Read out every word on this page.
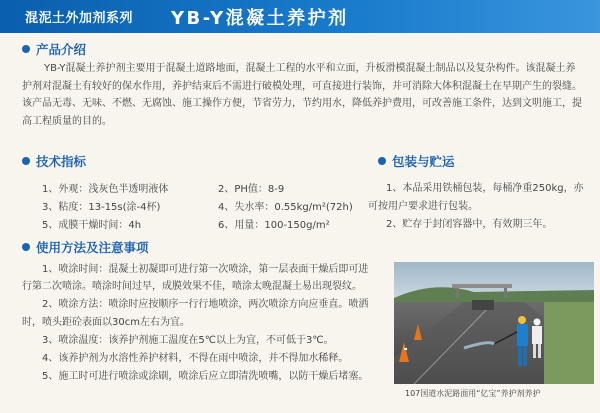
混泥土外加剂系列 YB-Y混凝土养护剂
产品介绍
YB-Y混凝土养护剂主要用于混凝土道路地面，混凝土工程的水平和立面，升板滑模混凝土制品以及复杂构件。该混凝土养护剂对混凝土有较好的保水作用，养护结束后不需进行破模处理，可直接进行装饰，并可消除大体积混凝土在早期产生的裂缝。该产品无毒、无味、不燃、无腐蚀、施工操作方便，节省劳力，节约用水，降低养护费用，可改善施工条件，达到文明施工，提高工程质量的目的。
技术指标
1、外观：浅灰色半透明液体	2、PH值：8-9
3、粘度：13-15s(涂-4杯)	4、失水率：0.55kg/m²(72h)
5、成膜干燥时间：4h	6、用量：100-150g/m²
包装与贮运
1、本品采用铁桶包装，每桶净重250kg，亦可按用户要求进行包装。
2、贮存于封闭容器中，有效期三年。
使用方法及注意事项
1、喷涂时间：混凝土初凝即可进行第一次喷涂，第一层表面干燥后即可进
行第二次喷涂。喷涂时间过早，成膜效果不佳，喷涂太晚混凝土易出现裂纹。
2、喷涂方法：喷涂时应按顺序一行行地喷涂，两次喷涂方向应垂直。喷洒
时，喷头距砼表面以30cm左右为宜。
3、喷涂温度：该养护剂施工温度在5℃以上为宜，不可低于3℃。
4、该养护剂为水溶性养护材料，不得在雨中喷涂，并不得加水稀释。
5、施工时可进行喷涂或涂刷，喷涂后应立即清洗喷嘴，以防干燥后堵塞。
107国道水泥路面用“亿宝”养护剂养护
